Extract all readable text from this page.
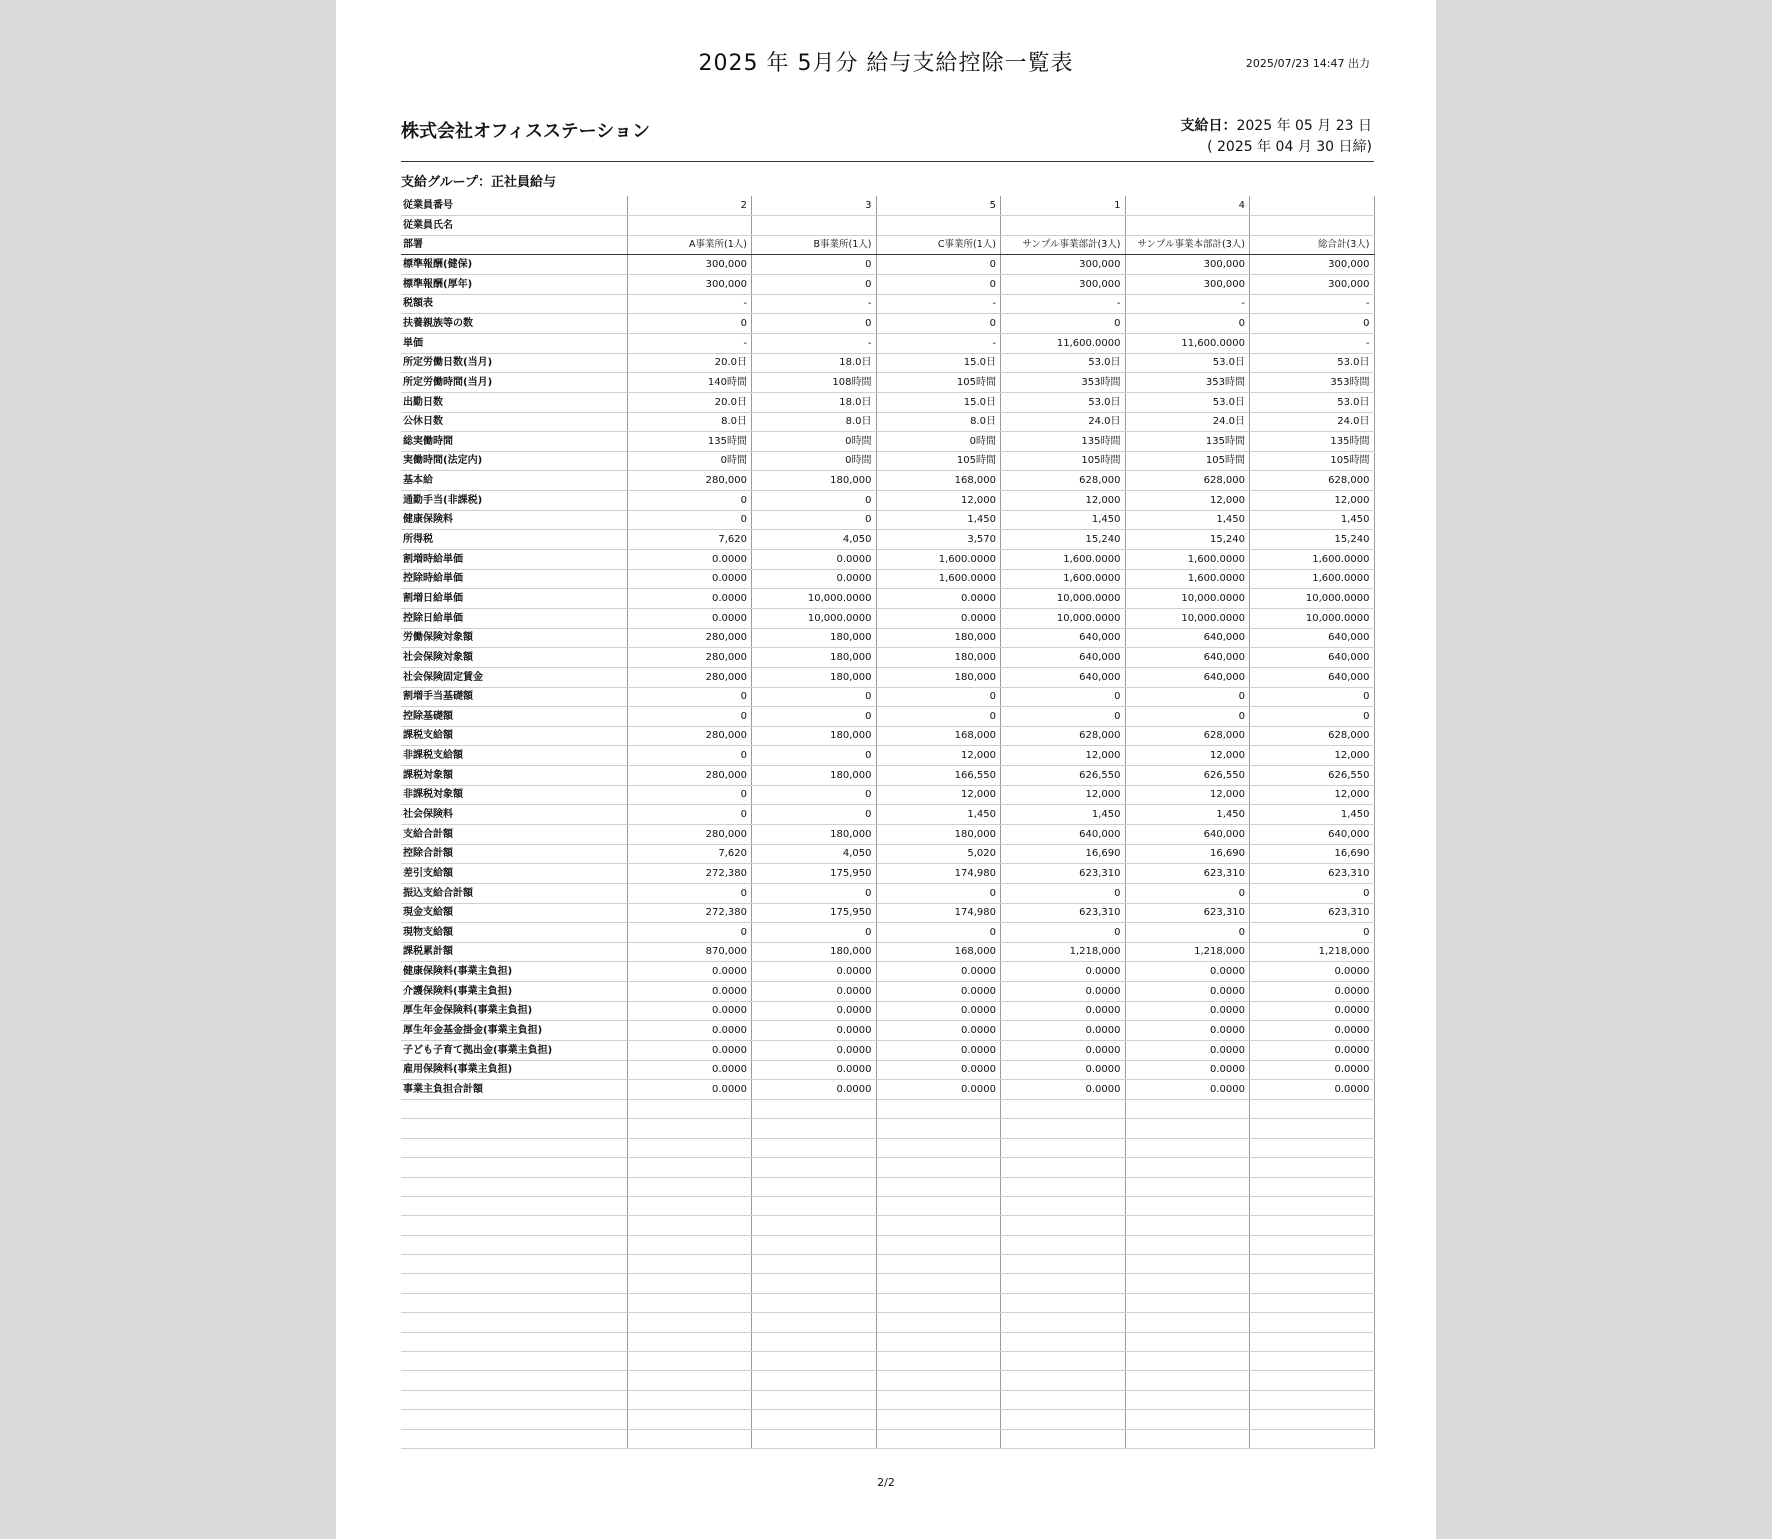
2025 年 5月分 給与支給控除一覧表	2025/07/23 14:47 出力
株式会社オフィスステーション	支給日：2025 年 05 月 23 日
( 2025 年 04 月 30 日締)
支給グループ：正社員給与
従業員番号	2	3	5	1	4	
従業員氏名						
部署	A事業所(1人)	B事業所(1人)	C事業所(1人)	サンプル事業部計(3人)	サンプル事業本部計(3人)	総合計(3人)
標準報酬(健保)	300,000	0	0	300,000	300,000	300,000
標準報酬(厚年)	300,000	0	0	300,000	300,000	300,000
税額表	-	-	-	-	-	-
扶養親族等の数	0	0	0	0	0	0
単価	-	-	-	11,600.0000	11,600.0000	-
所定労働日数(当月)	20.0日	18.0日	15.0日	53.0日	53.0日	53.0日
所定労働時間(当月)	140時間	108時間	105時間	353時間	353時間	353時間
出勤日数	20.0日	18.0日	15.0日	53.0日	53.0日	53.0日
公休日数	8.0日	8.0日	8.0日	24.0日	24.0日	24.0日
総実働時間	135時間	0時間	0時間	135時間	135時間	135時間
実働時間(法定内)	0時間	0時間	105時間	105時間	105時間	105時間
基本給	280,000	180,000	168,000	628,000	628,000	628,000
通勤手当(非課税)	0	0	12,000	12,000	12,000	12,000
健康保険料	0	0	1,450	1,450	1,450	1,450
所得税	7,620	4,050	3,570	15,240	15,240	15,240
割増時給単価	0.0000	0.0000	1,600.0000	1,600.0000	1,600.0000	1,600.0000
控除時給単価	0.0000	0.0000	1,600.0000	1,600.0000	1,600.0000	1,600.0000
割増日給単価	0.0000	10,000.0000	0.0000	10,000.0000	10,000.0000	10,000.0000
控除日給単価	0.0000	10,000.0000	0.0000	10,000.0000	10,000.0000	10,000.0000
労働保険対象額	280,000	180,000	180,000	640,000	640,000	640,000
社会保険対象額	280,000	180,000	180,000	640,000	640,000	640,000
社会保険固定賃金	280,000	180,000	180,000	640,000	640,000	640,000
割増手当基礎額	0	0	0	0	0	0
控除基礎額	0	0	0	0	0	0
課税支給額	280,000	180,000	168,000	628,000	628,000	628,000
非課税支給額	0	0	12,000	12,000	12,000	12,000
課税対象額	280,000	180,000	166,550	626,550	626,550	626,550
非課税対象額	0	0	12,000	12,000	12,000	12,000
社会保険料	0	0	1,450	1,450	1,450	1,450
支給合計額	280,000	180,000	180,000	640,000	640,000	640,000
控除合計額	7,620	4,050	5,020	16,690	16,690	16,690
差引支給額	272,380	175,950	174,980	623,310	623,310	623,310
振込支給合計額	0	0	0	0	0	0
現金支給額	272,380	175,950	174,980	623,310	623,310	623,310
現物支給額	0	0	0	0	0	0
課税累計額	870,000	180,000	168,000	1,218,000	1,218,000	1,218,000
健康保険料(事業主負担)	0.0000	0.0000	0.0000	0.0000	0.0000	0.0000
介護保険料(事業主負担)	0.0000	0.0000	0.0000	0.0000	0.0000	0.0000
厚生年金保険料(事業主負担)	0.0000	0.0000	0.0000	0.0000	0.0000	0.0000
厚生年金基金掛金(事業主負担)	0.0000	0.0000	0.0000	0.0000	0.0000	0.0000
子ども子育て拠出金(事業主負担)	0.0000	0.0000	0.0000	0.0000	0.0000	0.0000
雇用保険料(事業主負担)	0.0000	0.0000	0.0000	0.0000	0.0000	0.0000
事業主負担合計額	0.0000	0.0000	0.0000	0.0000	0.0000	0.0000

2/2
